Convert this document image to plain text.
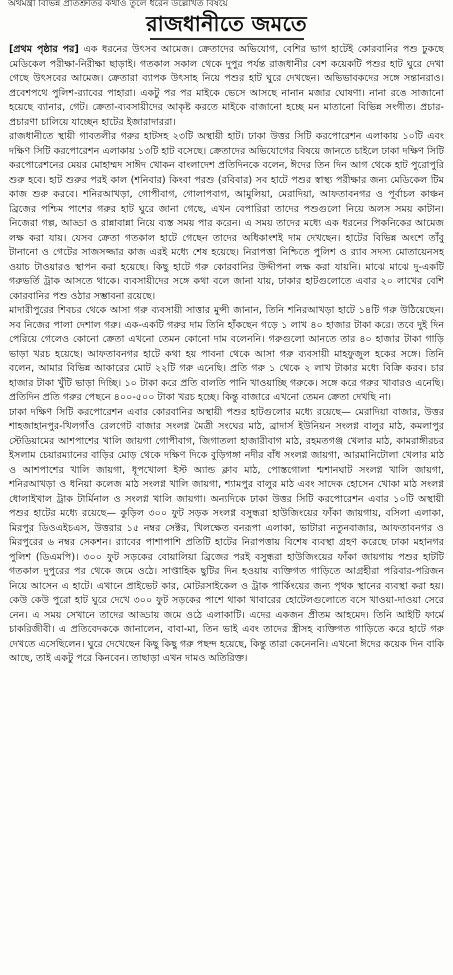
অর্থমন্ত্রী বিভিন্ন প্রতিশ্রুতির কথাও তুলে ধরেন উল্লেখিত বিষয়ে
রাজধানীতে জমতে

[প্রথম পৃষ্ঠার পর] এক ধরনের উৎসব আমেজ। ক্রেতাদের অভিযোগ, বেশির ভাগ হাটেই কোরবানির পশু ঢুকছে মেডিকেল পরীক্ষা-নিরীক্ষা ছাড়াই। গতকাল সকাল থেকে দুপুর পর্যন্ত রাজধানীর বেশ কয়েকটি পশুর হাট ঘুরে দেখা গেছে উৎসবের আমেজ। ক্রেতারা ব্যাপক উৎসাহ নিয়ে পশুর হাট ঘুরে দেখছেন। অভিভাবকদের সঙ্গে সন্তানরাও। প্রবেশপথে পুলিশ-র‍্যাবের পাহারা। একটু পর পর মাইকে ভেসে আসছে নানান মজার ঘোষণা। নানা রঙে সাজানো হয়েছে ব্যানার, গেট। ক্রেতা-ব্যবসায়ীদের আকৃষ্ট করতে মাইকে বাজানো হচ্ছে মন মাতানো বিভিন্ন সংগীত। প্রচার-প্রচারণা চালিয়ে যাচ্ছেন হাটের ইজারাদাররা।

রাজধানীতে স্থায়ী গাবতলীর গরুর হাটসহ ২৩টি অস্থায়ী হাট। ঢাকা উত্তর সিটি করপোরেশন এলাকায় ১০টি এবং দক্ষিণ সিটি করপোরেশন এলাকায় ১৩টি হাট বসেছে। ক্রেতাদের অভিযোগের বিষয়ে জানতে চাইলে ঢাকা দক্ষিণ সিটি করপোরেশনের মেয়র মোহাম্মদ সাঈদ খোকন বাংলাদেশ প্রতিদিনকে বলেন, ঈদের তিন দিন আগ থেকে হাট পুরোপুরি শুরু হবে। হাট শুরুর পরই কাল (শনিবার) কিংবা পরশু (রবিবার) সব হাটে পশুর স্বাস্থ্য পরীক্ষার জন্য মেডিকেল টিম কাজ শুরু করবে। শনিরআখড়া, গোপীবাগ, গোলাপবাগ, আমুলিয়া, মেরাদিয়া, আফতাবনগর ও পূর্বাচল কাঞ্চন ব্রিজের পশ্চিম পাশের গরুর হাট ঘুরে জানা গেছে, এখন বেপারিরা তাদের পশুগুলো নিয়ে অলস সময় কাটান। নিজেরা গল্প, আড্ডা ও রান্নাবান্না নিয়ে ব্যস্ত সময় পার করেন। এ সময় তাদের মধ্যে এক ধরনের পিকনিকের আমেজ লক্ষ করা যায়। যেসব ক্রেতা গতকাল হাটে গেছেন তাদের অধিকাংশই দাম দেখছেন। হাটের বিভিন্ন অংশে তাঁবু টানানো ও গেটের সাজসজ্জার কাজ এরই মধ্যে শেষ হয়েছে। নিরাপত্তা নিশ্চিতে পুলিশ ও র‍্যাব সদস্য মোতায়েনসহ ওয়াচ টাওয়ারও স্থাপন করা হয়েছে। কিছু হাটে গরু কোরবানির উদ্দীপনা লক্ষ করা যায়নি। মাঝে মাঝে দু-একটি গরুভর্তি ট্রাক আসতে থাকে। ব্যবসায়ীদের সঙ্গে কথা বলে জানা যায়, ঢাকার হাটগুলোতে এবার ২০ লাখের বেশি কোরবানির পশু ওঠার সম্ভাবনা রয়েছে।

মাদারীপুরের শিবচর থেকে আসা গরু ব্যবসায়ী সাত্তার মুন্সী জানান, তিনি শনিরআখড়া হাটে ১৪টি গরু উঠিয়েছেন। সব নিজের পালা দেশাল গরু। এক-একটি গরুর দাম তিনি হাঁকছেন গড়ে ১ লাখ ৪০ হাজার টাকা করে। তবে দুই দিন পেরিয়ে গেলেও কোনো ক্রেতা এখনো তেমন কোনো দাম বলেননি। গরুগুলো আনতে তার ৪০ হাজার টাকা গাড়ি ভাড়া খরচ হয়েছে। আফতাবনগর হাটে কথা হয় পাবনা থেকে আসা গরু ব্যবসায়ী মাহফুজুল হকের সঙ্গে। তিনি বলেন, আমার বিভিন্ন আকারের মোট ২২টি গরু এনেছি। প্রতি গরু ১ থেকে ২ লাখ টাকার মধ্যে বিক্রি করব। চার হাজার টাকা খুঁটি ভাড়া দিচ্ছি। ১০ টাকা করে প্রতি বালতি পানি খাওয়াচ্ছি গরুকে। সঙ্গে করে গরুর খাবারও এনেছি। প্রতিদিন প্রতি গরুর পেছনে ৪০০-৫০০ টাকা খরচ হচ্ছে। কিন্তু বাজারে এখনো তেমন ক্রেতা দেখছি না।

ঢাকা দক্ষিণ সিটি করপোরেশন এবার কোরবানির অস্থায়ী পশুর হাটগুলোর মধ্যে রয়েছে— মেরাদিয়া বাজার, উত্তর শাহজাহানপুর-খিলগাঁও রেলগেট বাজার সংলগ্ন মৈত্রী সংঘের মাঠ, ব্রাদার্স ইউনিয়ন সংলগ্ন বালুর মাঠ, কমলাপুর স্টেডিয়ামের আশপাশের খালি জায়গা গোপীবাগ, জিগাতলা হাজারীবাগ মাঠ, রহমতগঞ্জ খেলার মাঠ, কামরাঙ্গীরচর ইসলাম চেয়ারম্যানের বাড়ির মোড় থেকে দক্ষিণ দিকে বুড়িগঙ্গা নদীর বাঁধ সংলগ্ন জায়গা, আরমানিটোলা খেলার মাঠ ও আশপাশের খালি জায়গা, ধূপখোলা ইস্ট অ্যান্ড ক্লাব মাঠ, পোস্তগোলা শ্মশানঘাট সংলগ্ন খালি জায়গা, শনিরআখড়া ও ধনিয়া কলেজ মাঠ সংলগ্ন খালি জায়গা, শ্যামপুর বালুর মাঠ এবং সাদেক হোসেন খোকা মাঠ সংলগ্ন ধোলাইখাল ট্রাক টার্মিনাল ও সংলগ্ন খালি জায়গা। অন্যদিকে ঢাকা উত্তর সিটি করপোরেশন এবার ১০টি অস্থায়ী পশুর হাটের মধ্যে রয়েছে— কুড়িল ৩০০ ফুট সড়ক সংলগ্ন বসুন্ধরা হাউজিংয়ের ফাঁকা জায়গায়, বসিলা এলাকা, মিরপুর ডিওএইচএস, উত্তরার ১৫ নম্বর সেক্টর, খিলক্ষেত বনরূপা এলাকা, ভাটারা নতুনবাজার, আফতাবনগর ও মিরপুরের ৬ নম্বর সেকশন। র‍্যাবের পাশাপাশি প্রতিটি হাটের নিরাপত্তায় বিশেষ ব্যবস্থা গ্রহণ করেছে ঢাকা মহানগর পুলিশ (ডিএমপি)। ৩০০ ফুট সড়কের বোয়ালিয়া ব্রিজের পরই বসুন্ধরা হাউজিংয়ের ফাঁকা জায়গায় পশুর হাটটি গতকাল দুপুরের পর থেকে জমে ওঠে। সাপ্তাহিক ছুটির দিন হওয়ায় ব্যক্তিগত গাড়িতে আগ্রহীরা পরিবার-পরিজন নিয়ে আসেন এ হাটে। এখানে প্রাইভেট কার, মোটরসাইকেল ও ট্রাক পার্কিংয়ের জন্য পৃথক স্থানের ব্যবস্থা করা হয়। কেউ কেউ পুরো হাট ঘুরে দেখে ৩০০ ফুট সড়কের পাশে থাকা খাবারের হোটেলগুলোতে বসে খাওয়া-দাওয়া সেরে নেন। এ সময় সেখানে তাদের আড্ডায় জমে ওঠে এলাকাটি। এদের একজন প্রীতম আহমেদ। তিনি আইটি ফার্মে চাকরিজীবী। এ প্রতিবেদককে জানালেন, বাবা-মা, তিন ভাই এবং তাদের স্ত্রীসহ ব্যক্তিগত গাড়িতে করে হাটে গরু দেখতে এসেছিলেন। ঘুরে দেখেছেন কিছু কিছু গরু পছন্দ হয়েছে, কিন্তু তারা কেনেননি। এখনো ঈদের কয়েক দিন বাকি আছে, তাই একটু পরে কিনবেন। তাছাড়া এখন দামও অতিরিক্ত।
